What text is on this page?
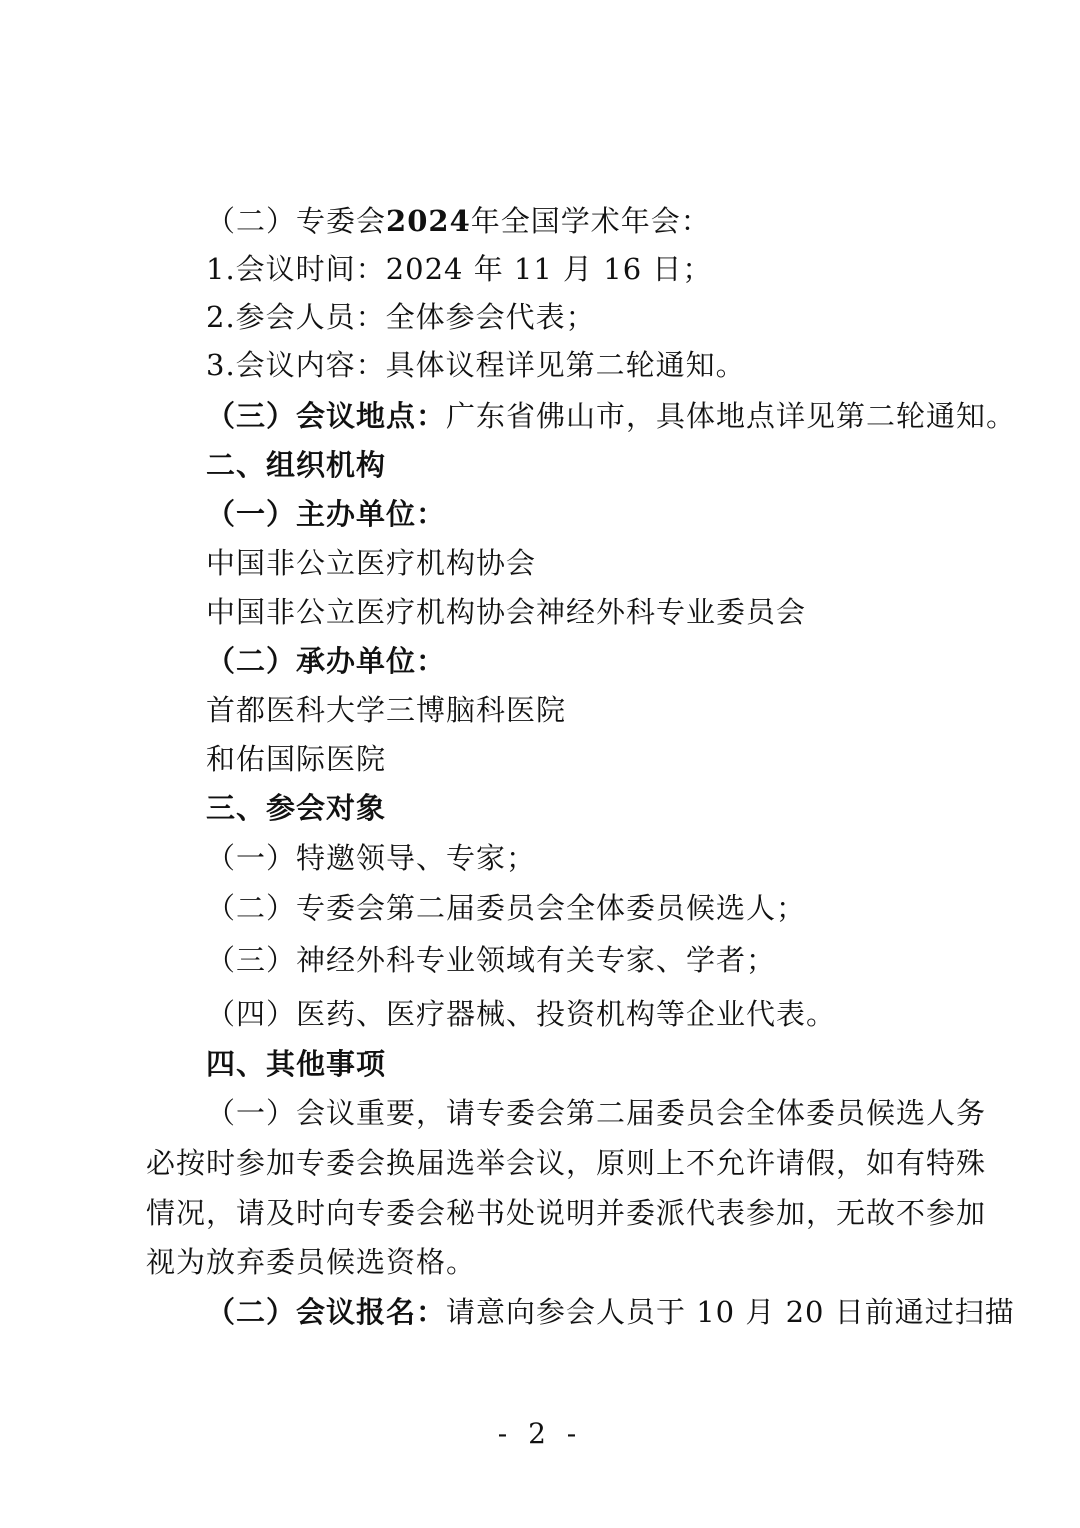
（二）专委会2024年全国学术年会：
1.会议时间：2024 年 11 月 16 日；
2.参会人员：全体参会代表；
3.会议内容：具体议程详见第二轮通知。
（三）会议地点：广东省佛山市，具体地点详见第二轮通知。
二、组织机构
（一）主办单位：
中国非公立医疗机构协会
中国非公立医疗机构协会神经外科专业委员会
（二）承办单位：
首都医科大学三博脑科医院
和佑国际医院
三、参会对象
（一）特邀领导、专家；
（二）专委会第二届委员会全体委员候选人；
（三）神经外科专业领域有关专家、学者；
（四）医药、医疗器械、投资机构等企业代表。
四、其他事项
（一）会议重要，请专委会第二届委员会全体委员候选人务
必按时参加专委会换届选举会议，原则上不允许请假，如有特殊
情况，请及时向专委会秘书处说明并委派代表参加，无故不参加
视为放弃委员候选资格。
（二）会议报名：请意向参会人员于 10 月 20 日前通过扫描
- 2 -
